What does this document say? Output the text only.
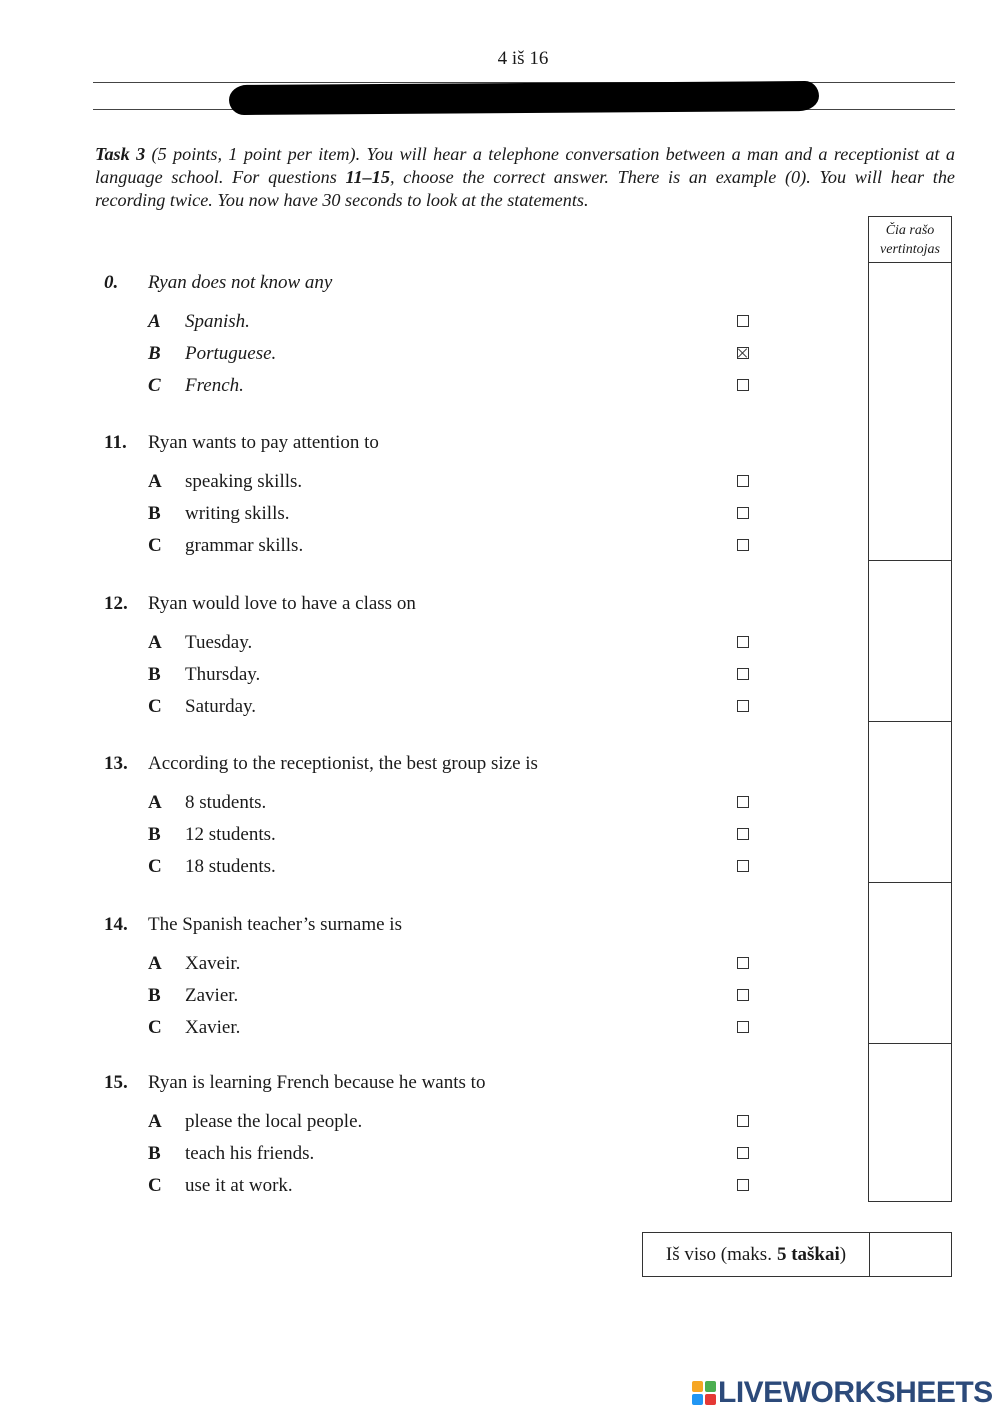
4 iš 16
Task 3 (5 points, 1 point per item). You will hear a telephone conversation between a man and a receptionist at a language school. For questions 11–15, choose the correct answer. There is an example (0). You will hear the recording twice. You now have 30 seconds to look at the statements.
Čia rašo vertintojas
0. Ryan does not know any
A Spanish.
B Portuguese.
C French.
11. Ryan wants to pay attention to
A speaking skills.
B writing skills.
C grammar skills.
12. Ryan would love to have a class on
A Tuesday.
B Thursday.
C Saturday.
13. According to the receptionist, the best group size is
A 8 students.
B 12 students.
C 18 students.
14. The Spanish teacher’s surname is
A Xaveir.
B Zavier.
C Xavier.
15. Ryan is learning French because he wants to
A please the local people.
B teach his friends.
C use it at work.
Iš viso (maks. 5 taškai )
LIVEWORKSHEETS
